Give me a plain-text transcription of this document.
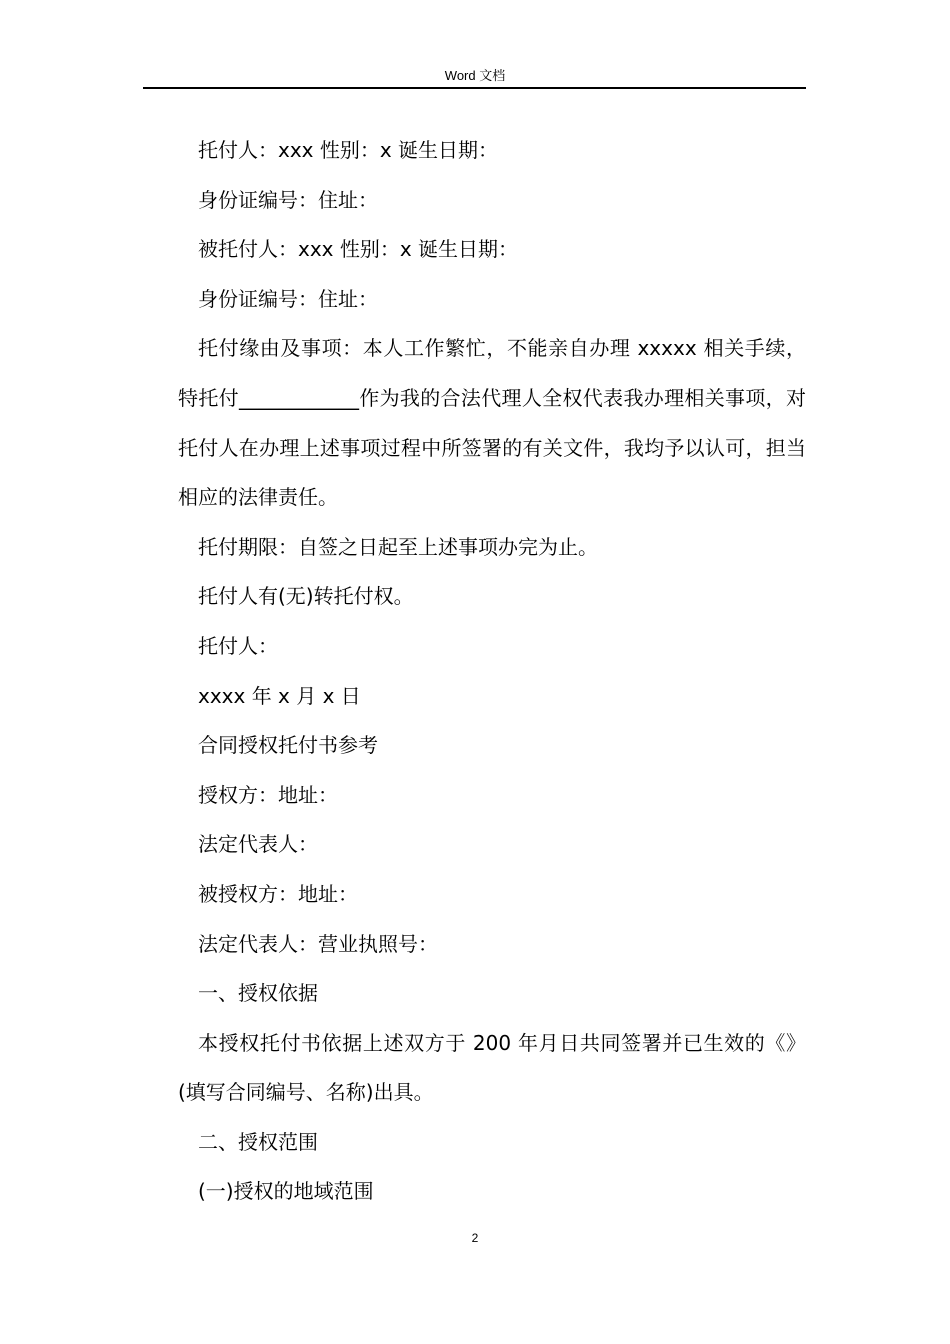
Word 文档

托付人：xxx 性别：x 诞生日期：

身份证编号：住址：

被托付人：xxx 性别：x 诞生日期：

身份证编号：住址：

托付缘由及事项：本人工作繁忙，不能亲自办理 xxxxx 相关手续，特托付____________作为我的合法代理人全权代表我办理相关事项，对托付人在办理上述事项过程中所签署的有关文件，我均予以认可，担当相应的法律责任。

托付期限：自签之日起至上述事项办完为止。

托付人有(无)转托付权。

托付人：

xxxx 年 x 月 x 日

合同授权托付书参考

授权方：地址：

法定代表人：

被授权方：地址：

法定代表人：营业执照号：

一、授权依据

本授权托付书依据上述双方于 200 年月日共同签署并已生效的《》(填写合同编号、名称)出具。

二、授权范围

(一)授权的地域范围

2
